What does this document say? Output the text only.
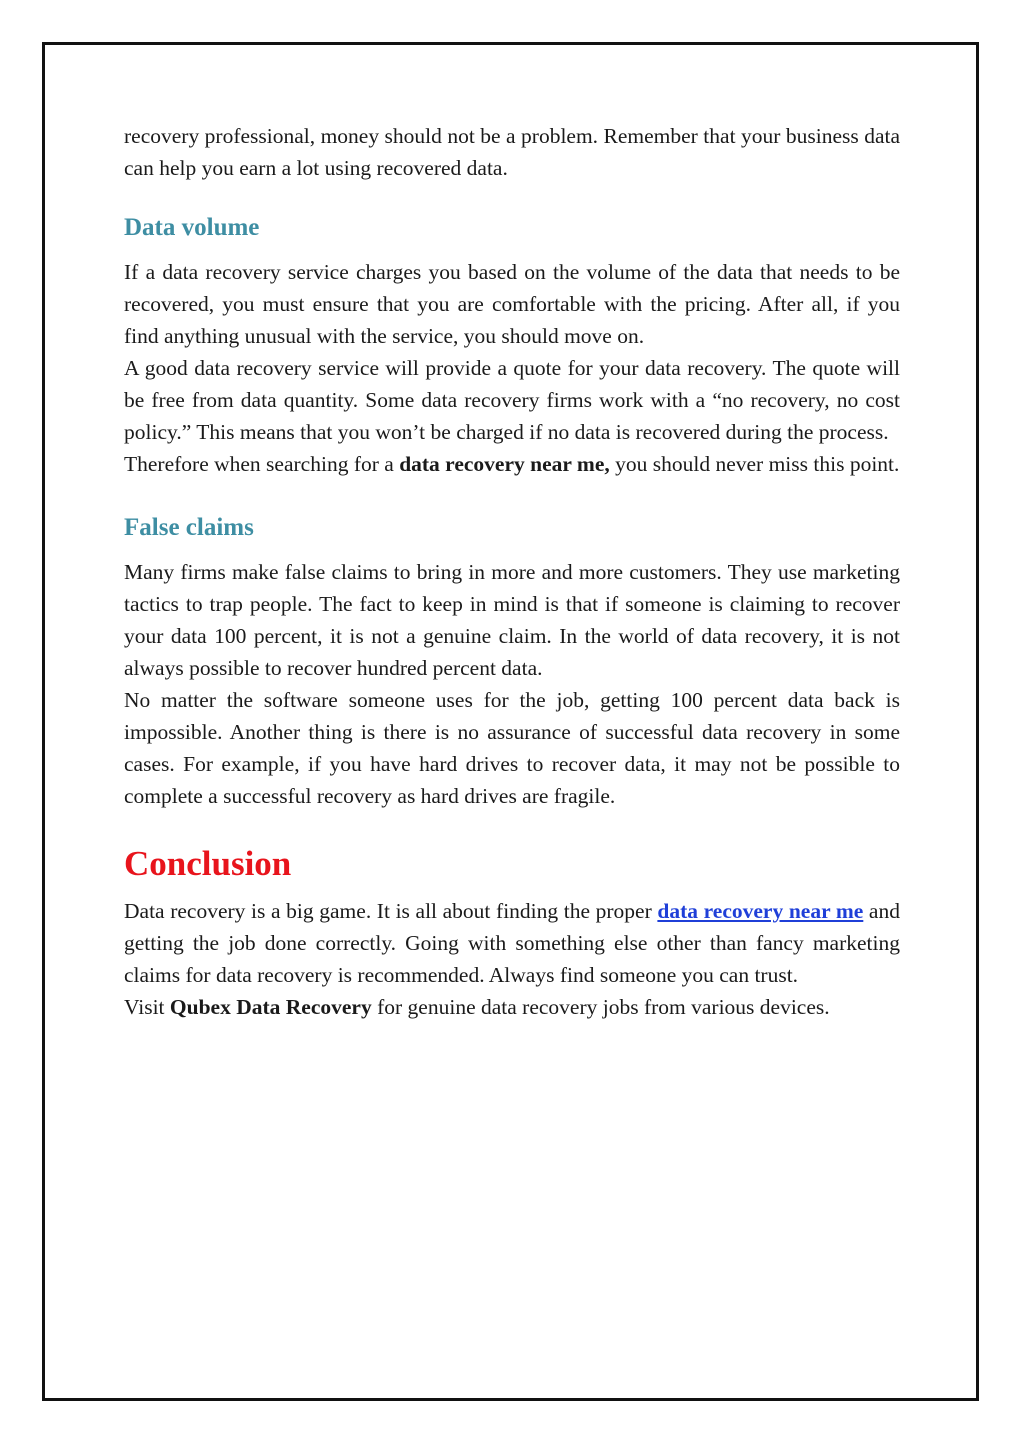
recovery professional, money should not be a problem. Remember that your business data can help you earn a lot using recovered data.

Data volume

If a data recovery service charges you based on the volume of the data that needs to be recovered, you must ensure that you are comfortable with the pricing. After all, if you find anything unusual with the service, you should move on.

A good data recovery service will provide a quote for your data recovery. The quote will be free from data quantity. Some data recovery firms work with a “no recovery, no cost policy.” This means that you won’t be charged if no data is recovered during the process.

Therefore when searching for a data recovery near me, you should never miss this point.

False claims

Many firms make false claims to bring in more and more customers. They use marketing tactics to trap people. The fact to keep in mind is that if someone is claiming to recover your data 100 percent, it is not a genuine claim. In the world of data recovery, it is not always possible to recover hundred percent data.

No matter the software someone uses for the job, getting 100 percent data back is impossible. Another thing is there is no assurance of successful data recovery in some cases. For example, if you have hard drives to recover data, it may not be possible to complete a successful recovery as hard drives are fragile.

Conclusion

Data recovery is a big game. It is all about finding the proper data recovery near me and getting the job done correctly. Going with something else other than fancy marketing claims for data recovery is recommended. Always find someone you can trust.

Visit Qubex Data Recovery for genuine data recovery jobs from various devices.
